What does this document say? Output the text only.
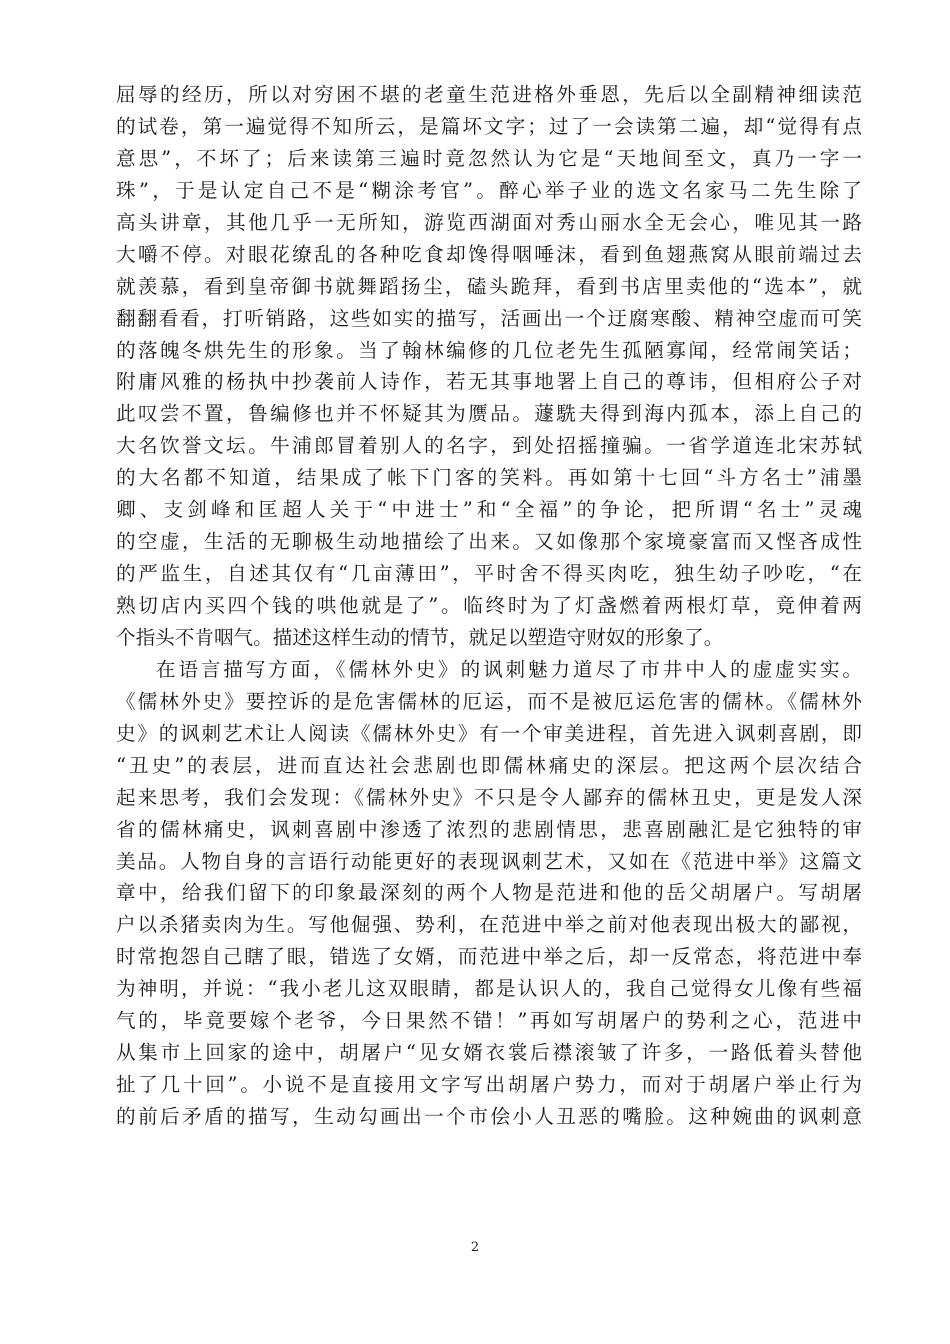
屈辱的经历，所以对穷困不堪的老童生范进格外垂恩，先后以全副精神细读范
的试卷，第一遍觉得不知所云，是篇坏文字；过了一会读第二遍，却“觉得有点
意思”，不坏了；后来读第三遍时竟忽然认为它是“天地间至文，真乃一字一
珠”，于是认定自己不是“糊涂考官”。醉心举子业的选文名家马二先生除了
高头讲章，其他几乎一无所知，游览西湖面对秀山丽水全无会心，唯见其一路
大嚼不停。对眼花缭乱的各种吃食却馋得咽唾沫，看到鱼翅燕窝从眼前端过去
就羡慕，看到皇帝御书就舞蹈扬尘，磕头跪拜，看到书店里卖他的“选本”，就
翻翻看看，打听销路，这些如实的描写，活画出一个迂腐寒酸、精神空虚而可笑
的落魄冬烘先生的形象。当了翰林编修的几位老先生孤陋寡闻，经常闹笑话；
附庸风雅的杨执中抄袭前人诗作，若无其事地署上自己的尊讳，但相府公子对
此叹尝不置，鲁编修也并不怀疑其为赝品。蘧駪夫得到海内孤本，添上自己的
大名饮誉文坛。牛浦郎冒着别人的名字，到处招摇撞骗。一省学道连北宋苏轼
的大名都不知道，结果成了帐下门客的笑料。再如第十七回“斗方名士”浦墨
卿、支剑峰和匡超人关于“中进士”和“全福”的争论，把所谓“名士”灵魂
的空虚，生活的无聊极生动地描绘了出来。又如像那个家境豪富而又悭吝成性
的严监生，自述其仅有“几亩薄田”，平时舍不得买肉吃，独生幼子吵吃，“在
熟切店内买四个钱的哄他就是了”。临终时为了灯盏燃着两根灯草，竟伸着两
个指头不肯咽气。描述这样生动的情节，就足以塑造守财奴的形象了。
在语言描写方面，《儒林外史》的讽刺魅力道尽了市井中人的虚虚实实。
《儒林外史》要控诉的是危害儒林的厄运，而不是被厄运危害的儒林。《儒林外
史》的讽刺艺术让人阅读《儒林外史》有一个审美进程，首先进入讽刺喜剧，即
“丑史”的表层，进而直达社会悲剧也即儒林痛史的深层。把这两个层次结合
起来思考，我们会发现：《儒林外史》不只是令人鄙弃的儒林丑史，更是发人深
省的儒林痛史，讽刺喜剧中渗透了浓烈的悲剧情思，悲喜剧融汇是它独特的审
美品。人物自身的言语行动能更好的表现讽刺艺术，又如在《范进中举》这篇文
章中，给我们留下的印象最深刻的两个人物是范进和他的岳父胡屠户。写胡屠
户以杀猪卖肉为生。写他倔强、势利，在范进中举之前对他表现出极大的鄙视，
时常抱怨自己瞎了眼，错选了女婿，而范进中举之后，却一反常态，将范进中奉
为神明，并说：“我小老儿这双眼睛，都是认识人的，我自己觉得女儿像有些福
气的，毕竟要嫁个老爷，今日果然不错！”再如写胡屠户的势利之心，范进中
从集市上回家的途中，胡屠户“见女婿衣裳后襟滚皱了许多，一路低着头替他
扯了几十回”。小说不是直接用文字写出胡屠户势力，而对于胡屠户举止行为
的前后矛盾的描写，生动勾画出一个市侩小人丑恶的嘴脸。这种婉曲的讽刺意
2
